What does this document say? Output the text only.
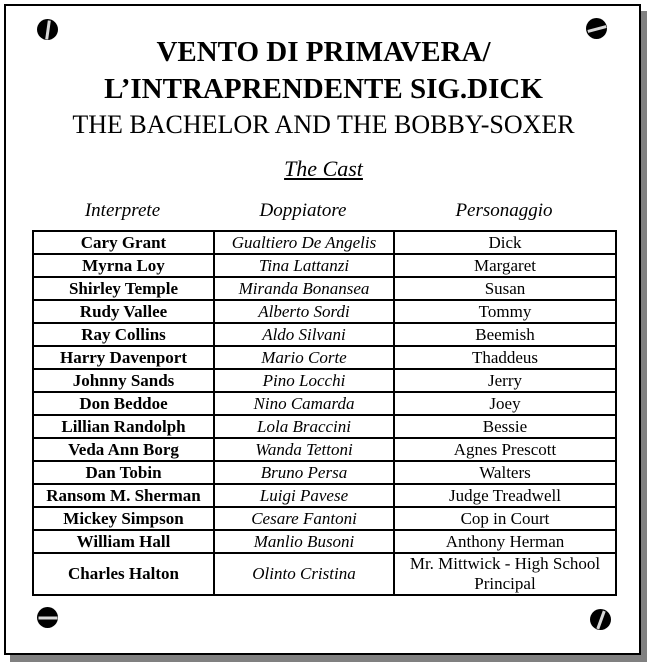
VENTO DI PRIMAVERA/
L’INTRAPRENDENTE SIG.DICK
THE BACHELOR AND THE BOBBY-SOXER
The Cast
Interprete	Doppiatore	Personaggio
Cary Grant	Gualtiero De Angelis	Dick
Myrna Loy	Tina Lattanzi	Margaret
Shirley Temple	Miranda Bonansea	Susan
Rudy Vallee	Alberto Sordi	Tommy
Ray Collins	Aldo Silvani	Beemish
Harry Davenport	Mario Corte	Thaddeus
Johnny Sands	Pino Locchi	Jerry
Don Beddoe	Nino Camarda	Joey
Lillian Randolph	Lola Braccini	Bessie
Veda Ann Borg	Wanda Tettoni	Agnes Prescott
Dan Tobin	Bruno Persa	Walters
Ransom M. Sherman	Luigi Pavese	Judge Treadwell
Mickey Simpson	Cesare Fantoni	Cop in Court
William Hall	Manlio Busoni	Anthony Herman
Charles Halton	Olinto Cristina	Mr. Mittwick - High School Principal
